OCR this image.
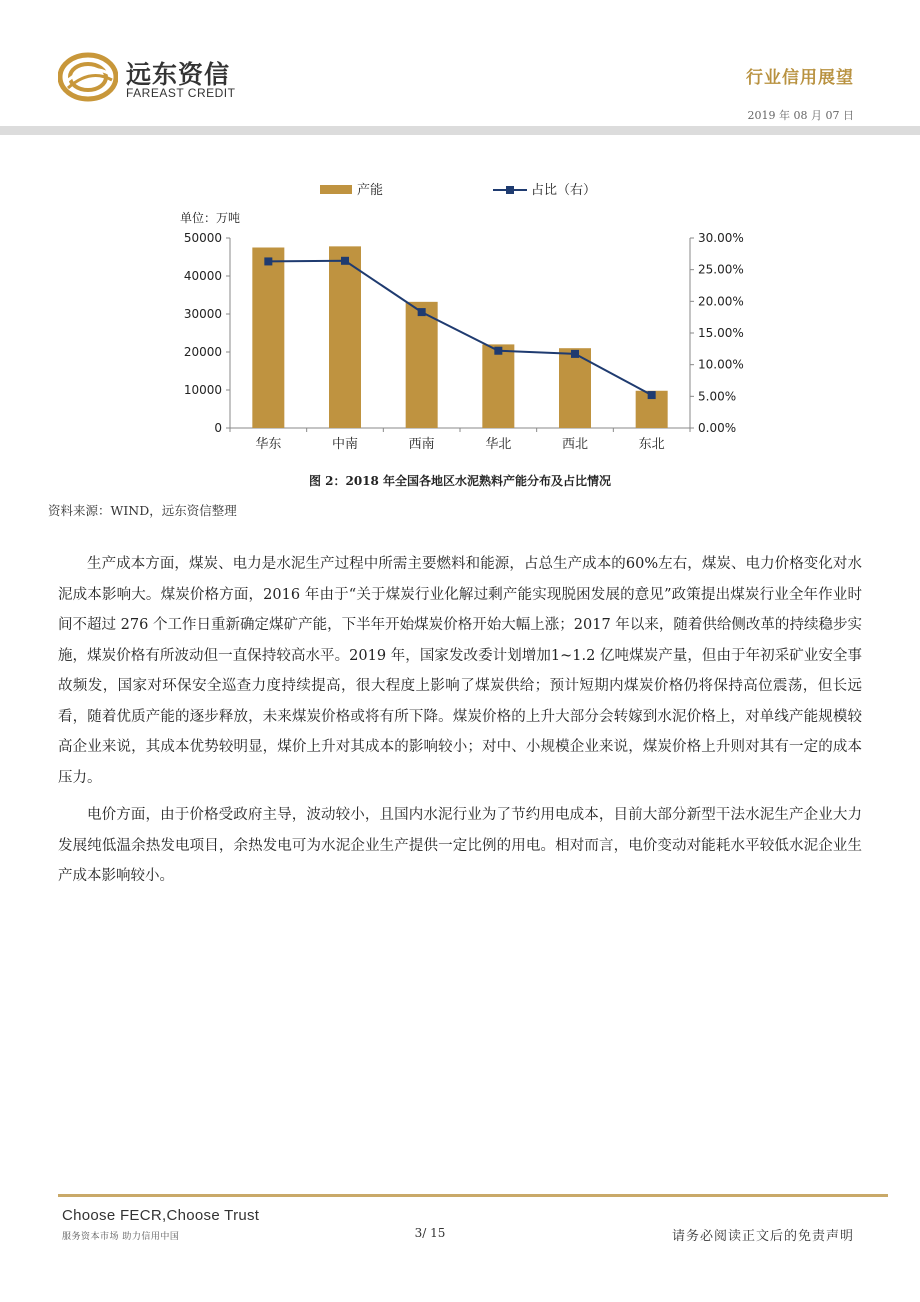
远东资信
FAREAST CREDIT
行业信用展望
2019 年 08 月 07 日
产能	占比（右）
单位：万吨
0
10000
20000
30000
40000
50000
0.00%
5.00%
10.00%
15.00%
20.00%
25.00%
30.00%
华东	中南	西南	华北	西北	东北
图 2：2018 年全国各地区水泥熟料产能分布及占比情况
资料来源：WIND，远东资信整理

生产成本方面，煤炭、电力是水泥生产过程中所需主要燃料和能源，占总生产成本的60%左右，煤炭、电力价格变化对水泥成本影响大。煤炭价格方面，2016 年由于“关于煤炭行业化解过剩产能实现脱困发展的意见”政策提出煤炭行业全年作业时间不超过 276 个工作日重新确定煤矿产能，下半年开始煤炭价格开始大幅上涨；2017 年以来，随着供给侧改革的持续稳步实施，煤炭价格有所波动但一直保持较高水平。2019 年，国家发改委计划增加1~1.2 亿吨煤炭产量，但由于年初采矿业安全事故频发，国家对环保安全巡查力度持续提高，很大程度上影响了煤炭供给；预计短期内煤炭价格仍将保持高位震荡，但长远看，随着优质产能的逐步释放，未来煤炭价格或将有所下降。煤炭价格的上升大部分会转嫁到水泥价格上，对单线产能规模较高企业来说，其成本优势较明显，煤价上升对其成本的影响较小；对中、小规模企业来说，煤炭价格上升则对其有一定的成本压力。

电价方面，由于价格受政府主导，波动较小，且国内水泥行业为了节约用电成本，目前大部分新型干法水泥生产企业大力发展纯低温余热发电项目，余热发电可为水泥企业生产提供一定比例的用电。相对而言，电价变动对能耗水平较低水泥企业生产成本影响较小。

Choose FECR,Choose Trust
服务资本市场 助力信用中国	3/ 15	请务必阅读正文后的免责声明
